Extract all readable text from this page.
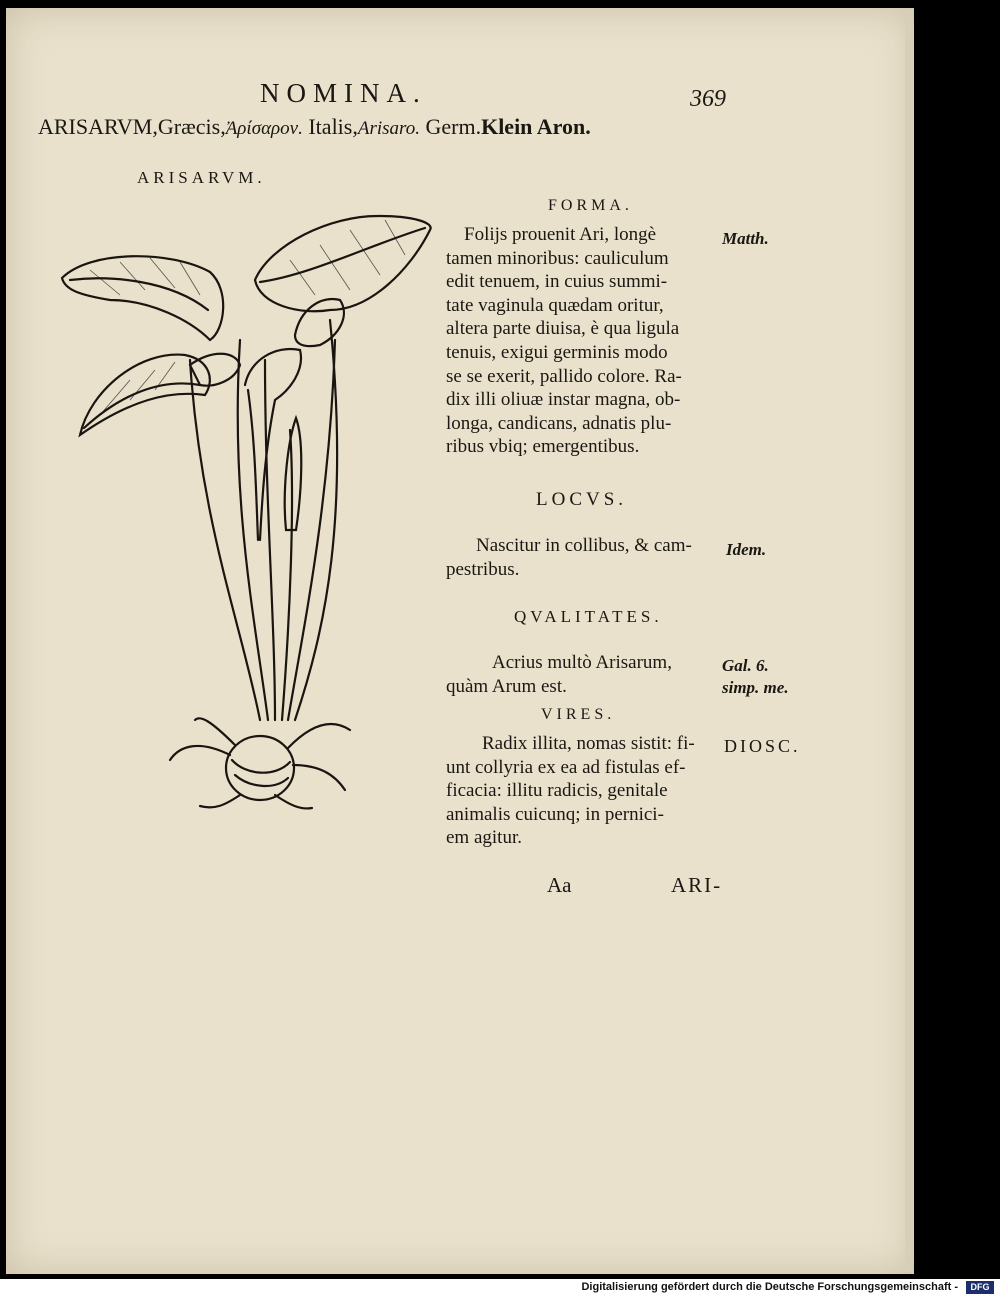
NOMINA.	369
ARISARVM,Græcis,Ἀρίσαρον. Italis,Arisaro. Germ.Klein Aron.
ARISARVM.
FORMA.
Folijs prouenit Ari, longè
tamen minoribus: cauliculum
edit tenuem, in cuius summi-
tate vaginula quædam oritur,
altera parte diuisa, è qua ligula
tenuis, exigui germinis modo
se se exerit, pallido colore. Ra-
dix illi oliuæ instar magna, ob-
longa, candicans, adnatis plu-
ribus vbiq; emergentibus.
Matth.
LOCVS.
Nascitur in collibus, & cam-
pestribus.
Idem.
QVALITATES.
Acrius multò Arisarum,
quàm Arum est.
Gal. 6.
simp. me.
VIRES.
Radix illita, nomas sistit: fi-
unt collyria ex ea ad fistulas ef-
ficacia: illitu radicis, genitale
animalis cuicunq; in pernici-
em agitur.
DIOSC.
Aa	ARI-
Digitalisierung gefördert durch die Deutsche Forschungsgemeinschaft -	DFG
